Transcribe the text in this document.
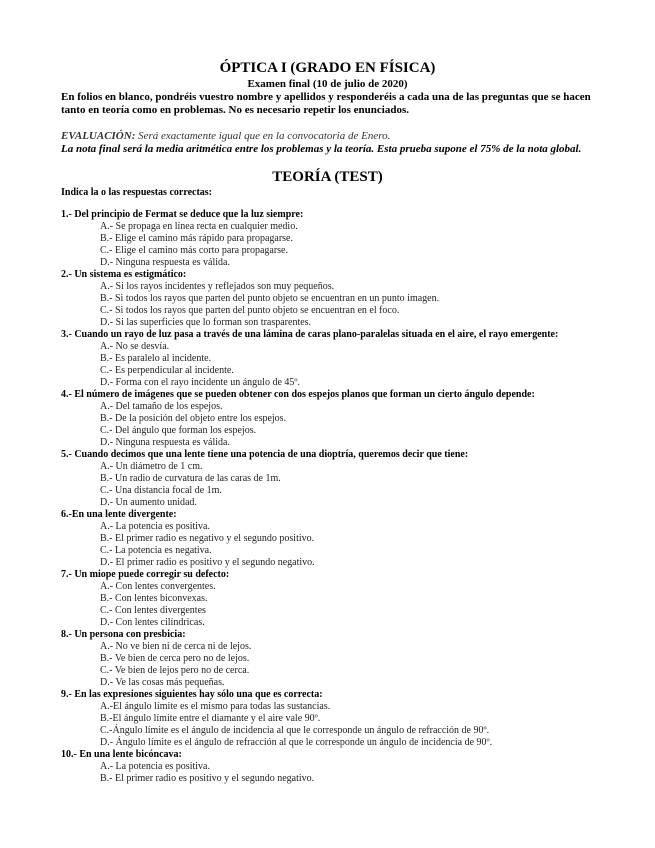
ÓPTICA I (GRADO EN FÍSICA)
Examen final (10 de julio de 2020)
En folios en blanco, pondréis vuestro nombre y apellidos y responderéis a cada una de las preguntas que se hacen tanto en teoría como en problemas. No es necesario repetir los enunciados.
EVALUACIÓN: Será exactamente igual que en la convocatoria de Enero.
La nota final será la media aritmética entre los problemas y la teoría. Esta prueba supone el 75% de la nota global.
TEORÍA (TEST)
Indica la o las respuestas correctas:
1.- Del principio de Fermat se deduce que la luz siempre:
A.- Se propaga en línea recta en cualquier medio.
B.- Elige el camino más rápido para propagarse.
C.- Elige el camino más corto para propagarse.
D.- Ninguna respuesta es válida.
2.- Un sistema es estigmático:
A.- Si los rayos incidentes y reflejados son muy pequeños.
B.- Si todos los rayos que parten del punto objeto se encuentran en un punto imagen.
C.- Si todos los rayos que parten del punto objeto se encuentran en el foco.
D.- Si las superficies que lo forman son trasparentes.
3.- Cuando un rayo de luz pasa a través de una lámina de caras plano-paralelas situada en el aire, el rayo emergente:
A.- No se desvía.
B.- Es paralelo al incidente.
C.- Es perpendicular al incidente.
D.- Forma con el rayo incidente un ángulo de 45º.
4.- El número de imágenes que se pueden obtener con dos espejos planos que forman un cierto ángulo depende:
A.- Del tamaño de los espejos.
B.- De la posición del objeto entre los espejos.
C.- Del ángulo que forman los espejos.
D.- Ninguna respuesta es válida.
5.- Cuando decimos que una lente tiene una potencia de una dioptría, queremos decir que tiene:
A.- Un diámetro de 1 cm.
B.- Un radio de curvatura de las caras de 1m.
C.- Una distancia focal de 1m.
D.- Un aumento unidad.
6.-En una lente divergente:
A.- La potencia es positiva.
B.- El primer radio es negativo y el segundo positivo.
C.- La potencia es negativa.
D.- El primer radio es positivo y el segundo negativo.
7.- Un miope puede corregir su defecto:
A.- Con lentes convergentes.
B.- Con lentes biconvexas.
C.- Con lentes divergentes
D.- Con lentes cilíndricas.
8.- Un persona con presbicia:
A.- No ve bien ni de cerca ni de lejos.
B.- Ve bien de cerca pero no de lejos.
C.- Ve bien de lejos pero no de cerca.
D.- Ve las cosas más pequeñas.
9.- En las expresiones siguientes hay sólo una que es correcta:
A.-El ángulo límite es el mismo para todas las sustancias.
B.-El ángulo límite entre el diamante y el aire vale 90º.
C.-Ángulo límite es el ángulo de incidencia al que le corresponde un ángulo de refracción de 90º.
D.- Ángulo límite es el ángulo de refracción al que le corresponde un ángulo de incidencia de 90º.
10.- En una lente bicóncava:
A.- La potencia es positiva.
B.- El primer radio es positivo y el segundo negativo.
